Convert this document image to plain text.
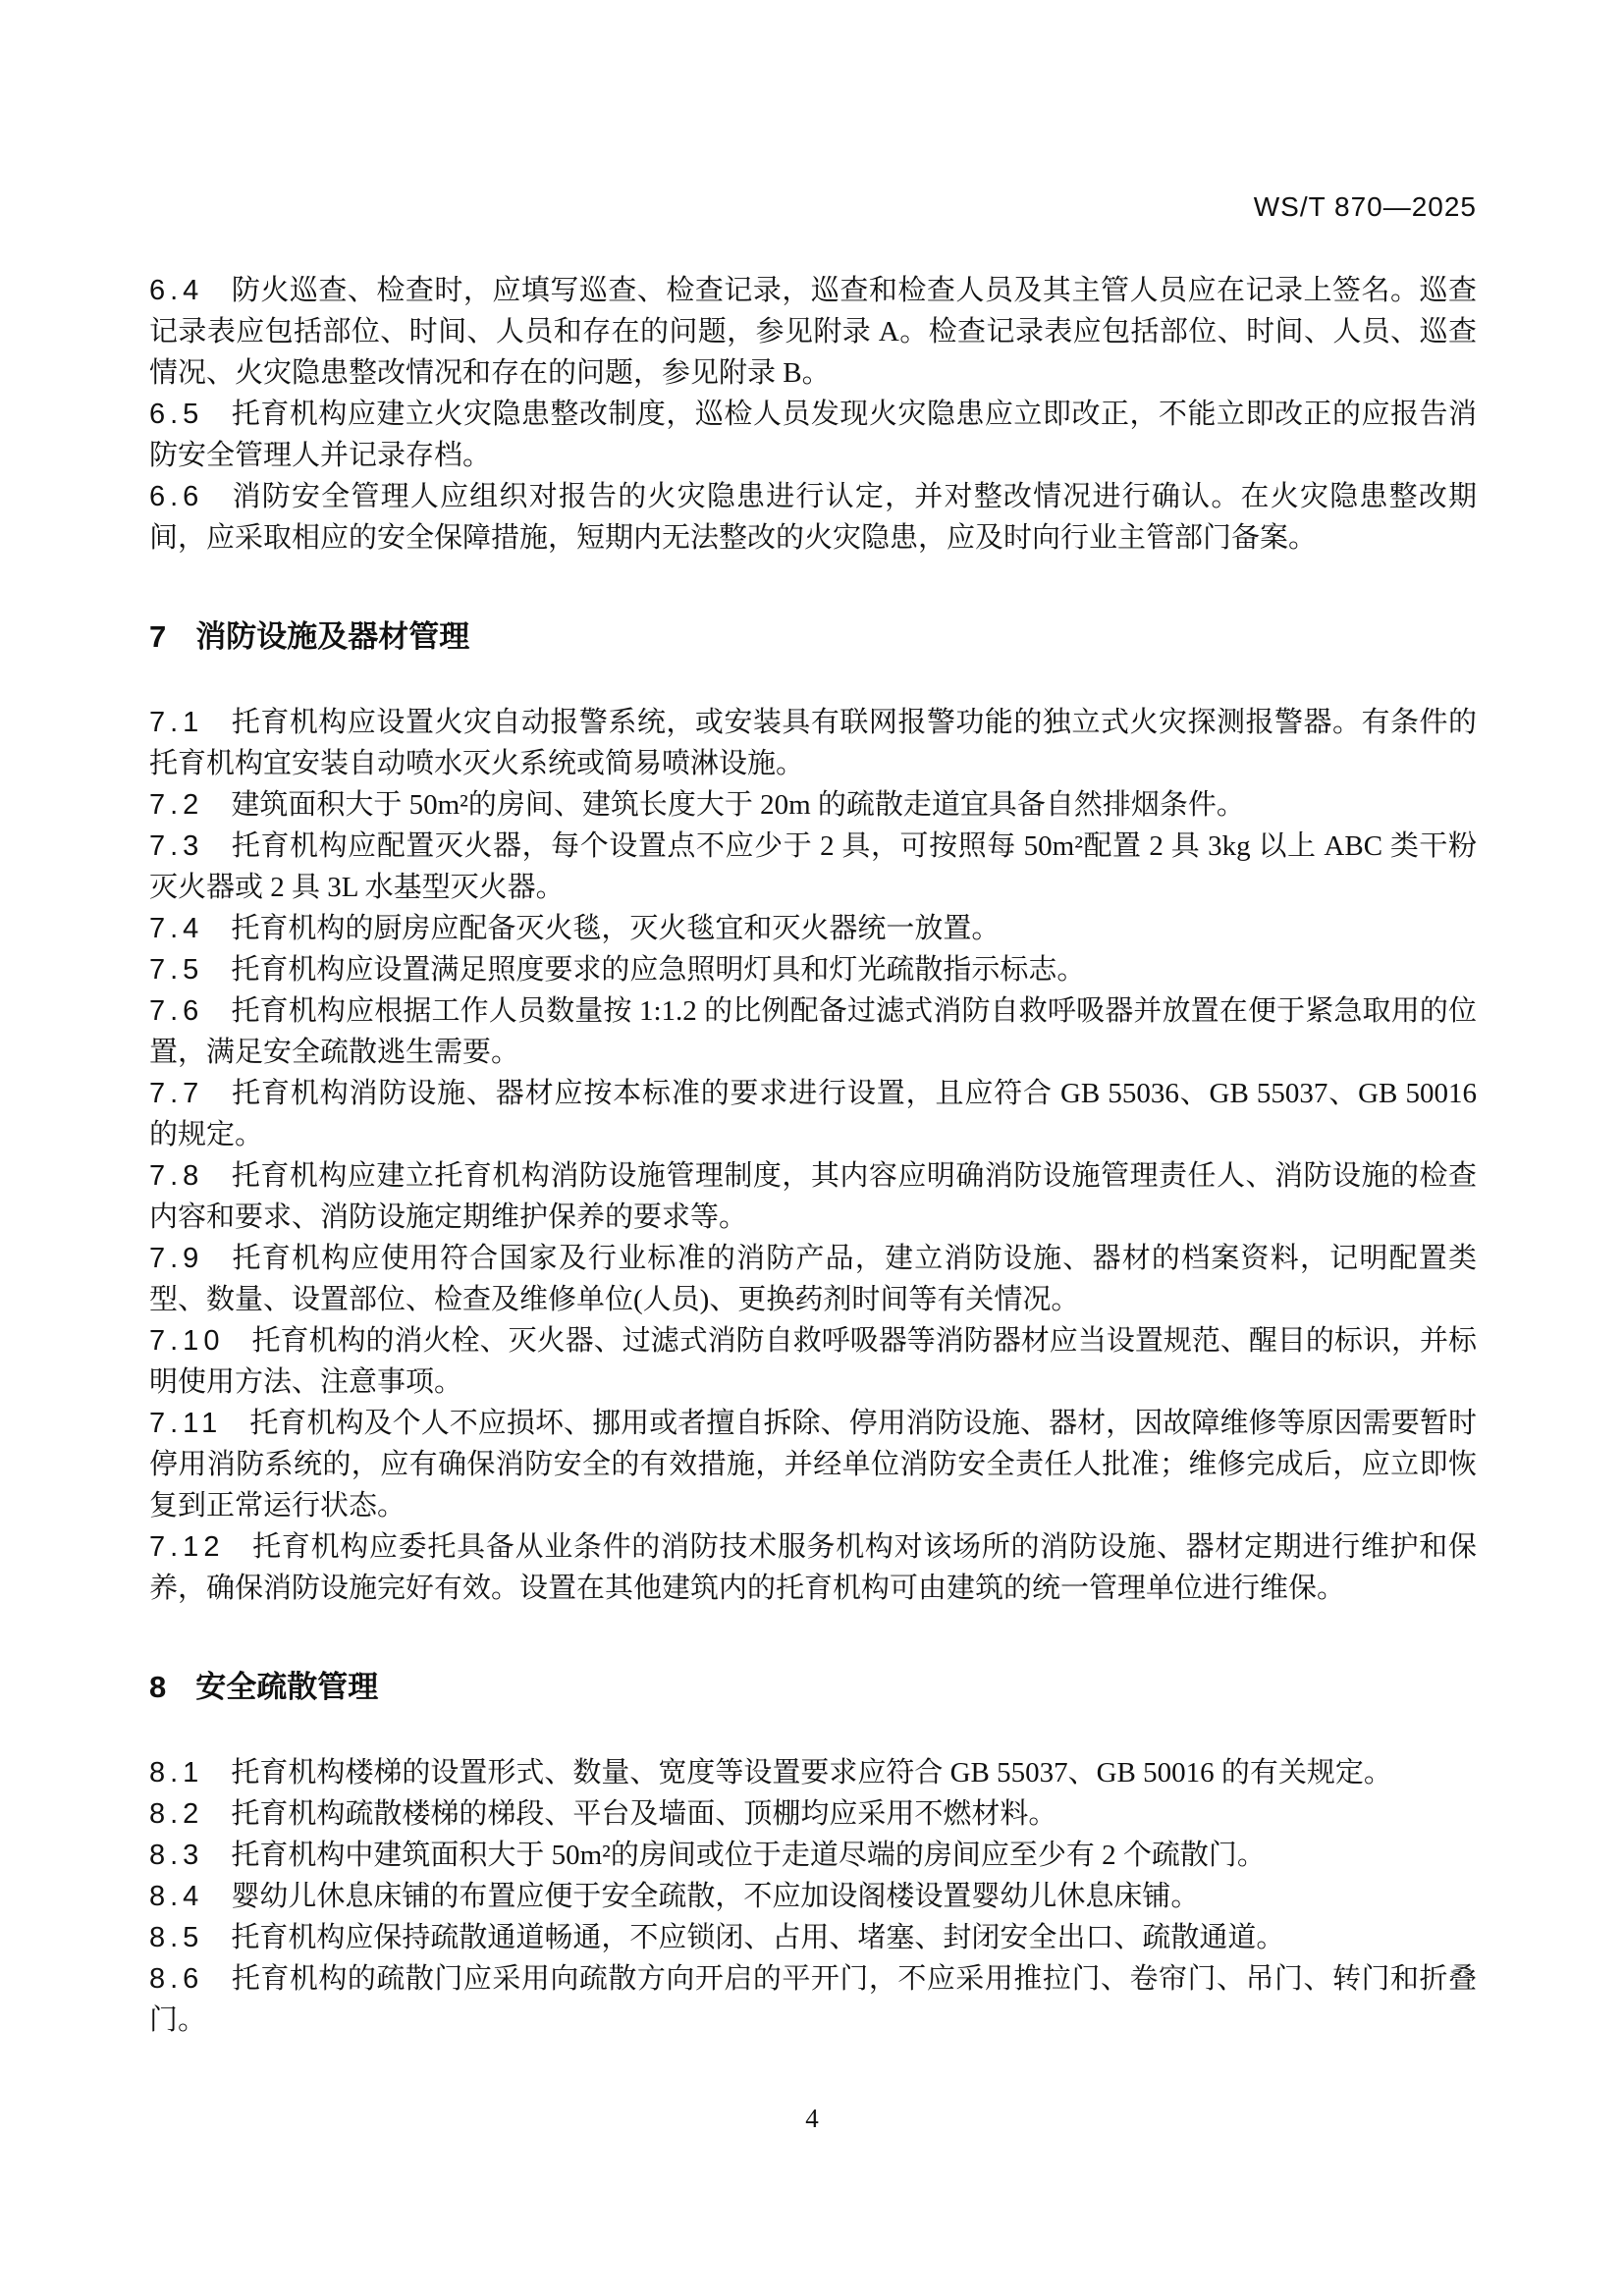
WS/T 870—2025

6.4 防火巡查、检查时，应填写巡查、检查记录，巡查和检查人员及其主管人员应在记录上签名。巡查记录表应包括部位、时间、人员和存在的问题，参见附录 A。检查记录表应包括部位、时间、人员、巡查情况、火灾隐患整改情况和存在的问题，参见附录 B。

6.5 托育机构应建立火灾隐患整改制度，巡检人员发现火灾隐患应立即改正，不能立即改正的应报告消防安全管理人并记录存档。

6.6 消防安全管理人应组织对报告的火灾隐患进行认定，并对整改情况进行确认。在火灾隐患整改期间，应采取相应的安全保障措施，短期内无法整改的火灾隐患，应及时向行业主管部门备案。

7 消防设施及器材管理

7.1 托育机构应设置火灾自动报警系统，或安装具有联网报警功能的独立式火灾探测报警器。有条件的托育机构宜安装自动喷水灭火系统或简易喷淋设施。

7.2 建筑面积大于 50m²的房间、建筑长度大于 20m 的疏散走道宜具备自然排烟条件。

7.3 托育机构应配置灭火器，每个设置点不应少于 2 具，可按照每 50m²配置 2 具 3kg 以上 ABC 类干粉灭火器或 2 具 3L 水基型灭火器。

7.4 托育机构的厨房应配备灭火毯，灭火毯宜和灭火器统一放置。

7.5 托育机构应设置满足照度要求的应急照明灯具和灯光疏散指示标志。

7.6 托育机构应根据工作人员数量按 1:1.2 的比例配备过滤式消防自救呼吸器并放置在便于紧急取用的位置，满足安全疏散逃生需要。

7.7 托育机构消防设施、器材应按本标准的要求进行设置，且应符合 GB 55036、GB 55037、GB 50016 的规定。

7.8 托育机构应建立托育机构消防设施管理制度，其内容应明确消防设施管理责任人、消防设施的检查内容和要求、消防设施定期维护保养的要求等。

7.9 托育机构应使用符合国家及行业标准的消防产品，建立消防设施、器材的档案资料，记明配置类型、数量、设置部位、检查及维修单位(人员)、更换药剂时间等有关情况。

7.10 托育机构的消火栓、灭火器、过滤式消防自救呼吸器等消防器材应当设置规范、醒目的标识，并标明使用方法、注意事项。

7.11 托育机构及个人不应损坏、挪用或者擅自拆除、停用消防设施、器材，因故障维修等原因需要暂时停用消防系统的，应有确保消防安全的有效措施，并经单位消防安全责任人批准；维修完成后，应立即恢复到正常运行状态。

7.12 托育机构应委托具备从业条件的消防技术服务机构对该场所的消防设施、器材定期进行维护和保养，确保消防设施完好有效。设置在其他建筑内的托育机构可由建筑的统一管理单位进行维保。

8 安全疏散管理

8.1 托育机构楼梯的设置形式、数量、宽度等设置要求应符合 GB 55037、GB 50016 的有关规定。

8.2 托育机构疏散楼梯的梯段、平台及墙面、顶棚均应采用不燃材料。

8.3 托育机构中建筑面积大于 50m²的房间或位于走道尽端的房间应至少有 2 个疏散门。

8.4 婴幼儿休息床铺的布置应便于安全疏散，不应加设阁楼设置婴幼儿休息床铺。

8.5 托育机构应保持疏散通道畅通，不应锁闭、占用、堵塞、封闭安全出口、疏散通道。

8.6 托育机构的疏散门应采用向疏散方向开启的平开门，不应采用推拉门、卷帘门、吊门、转门和折叠门。

4
